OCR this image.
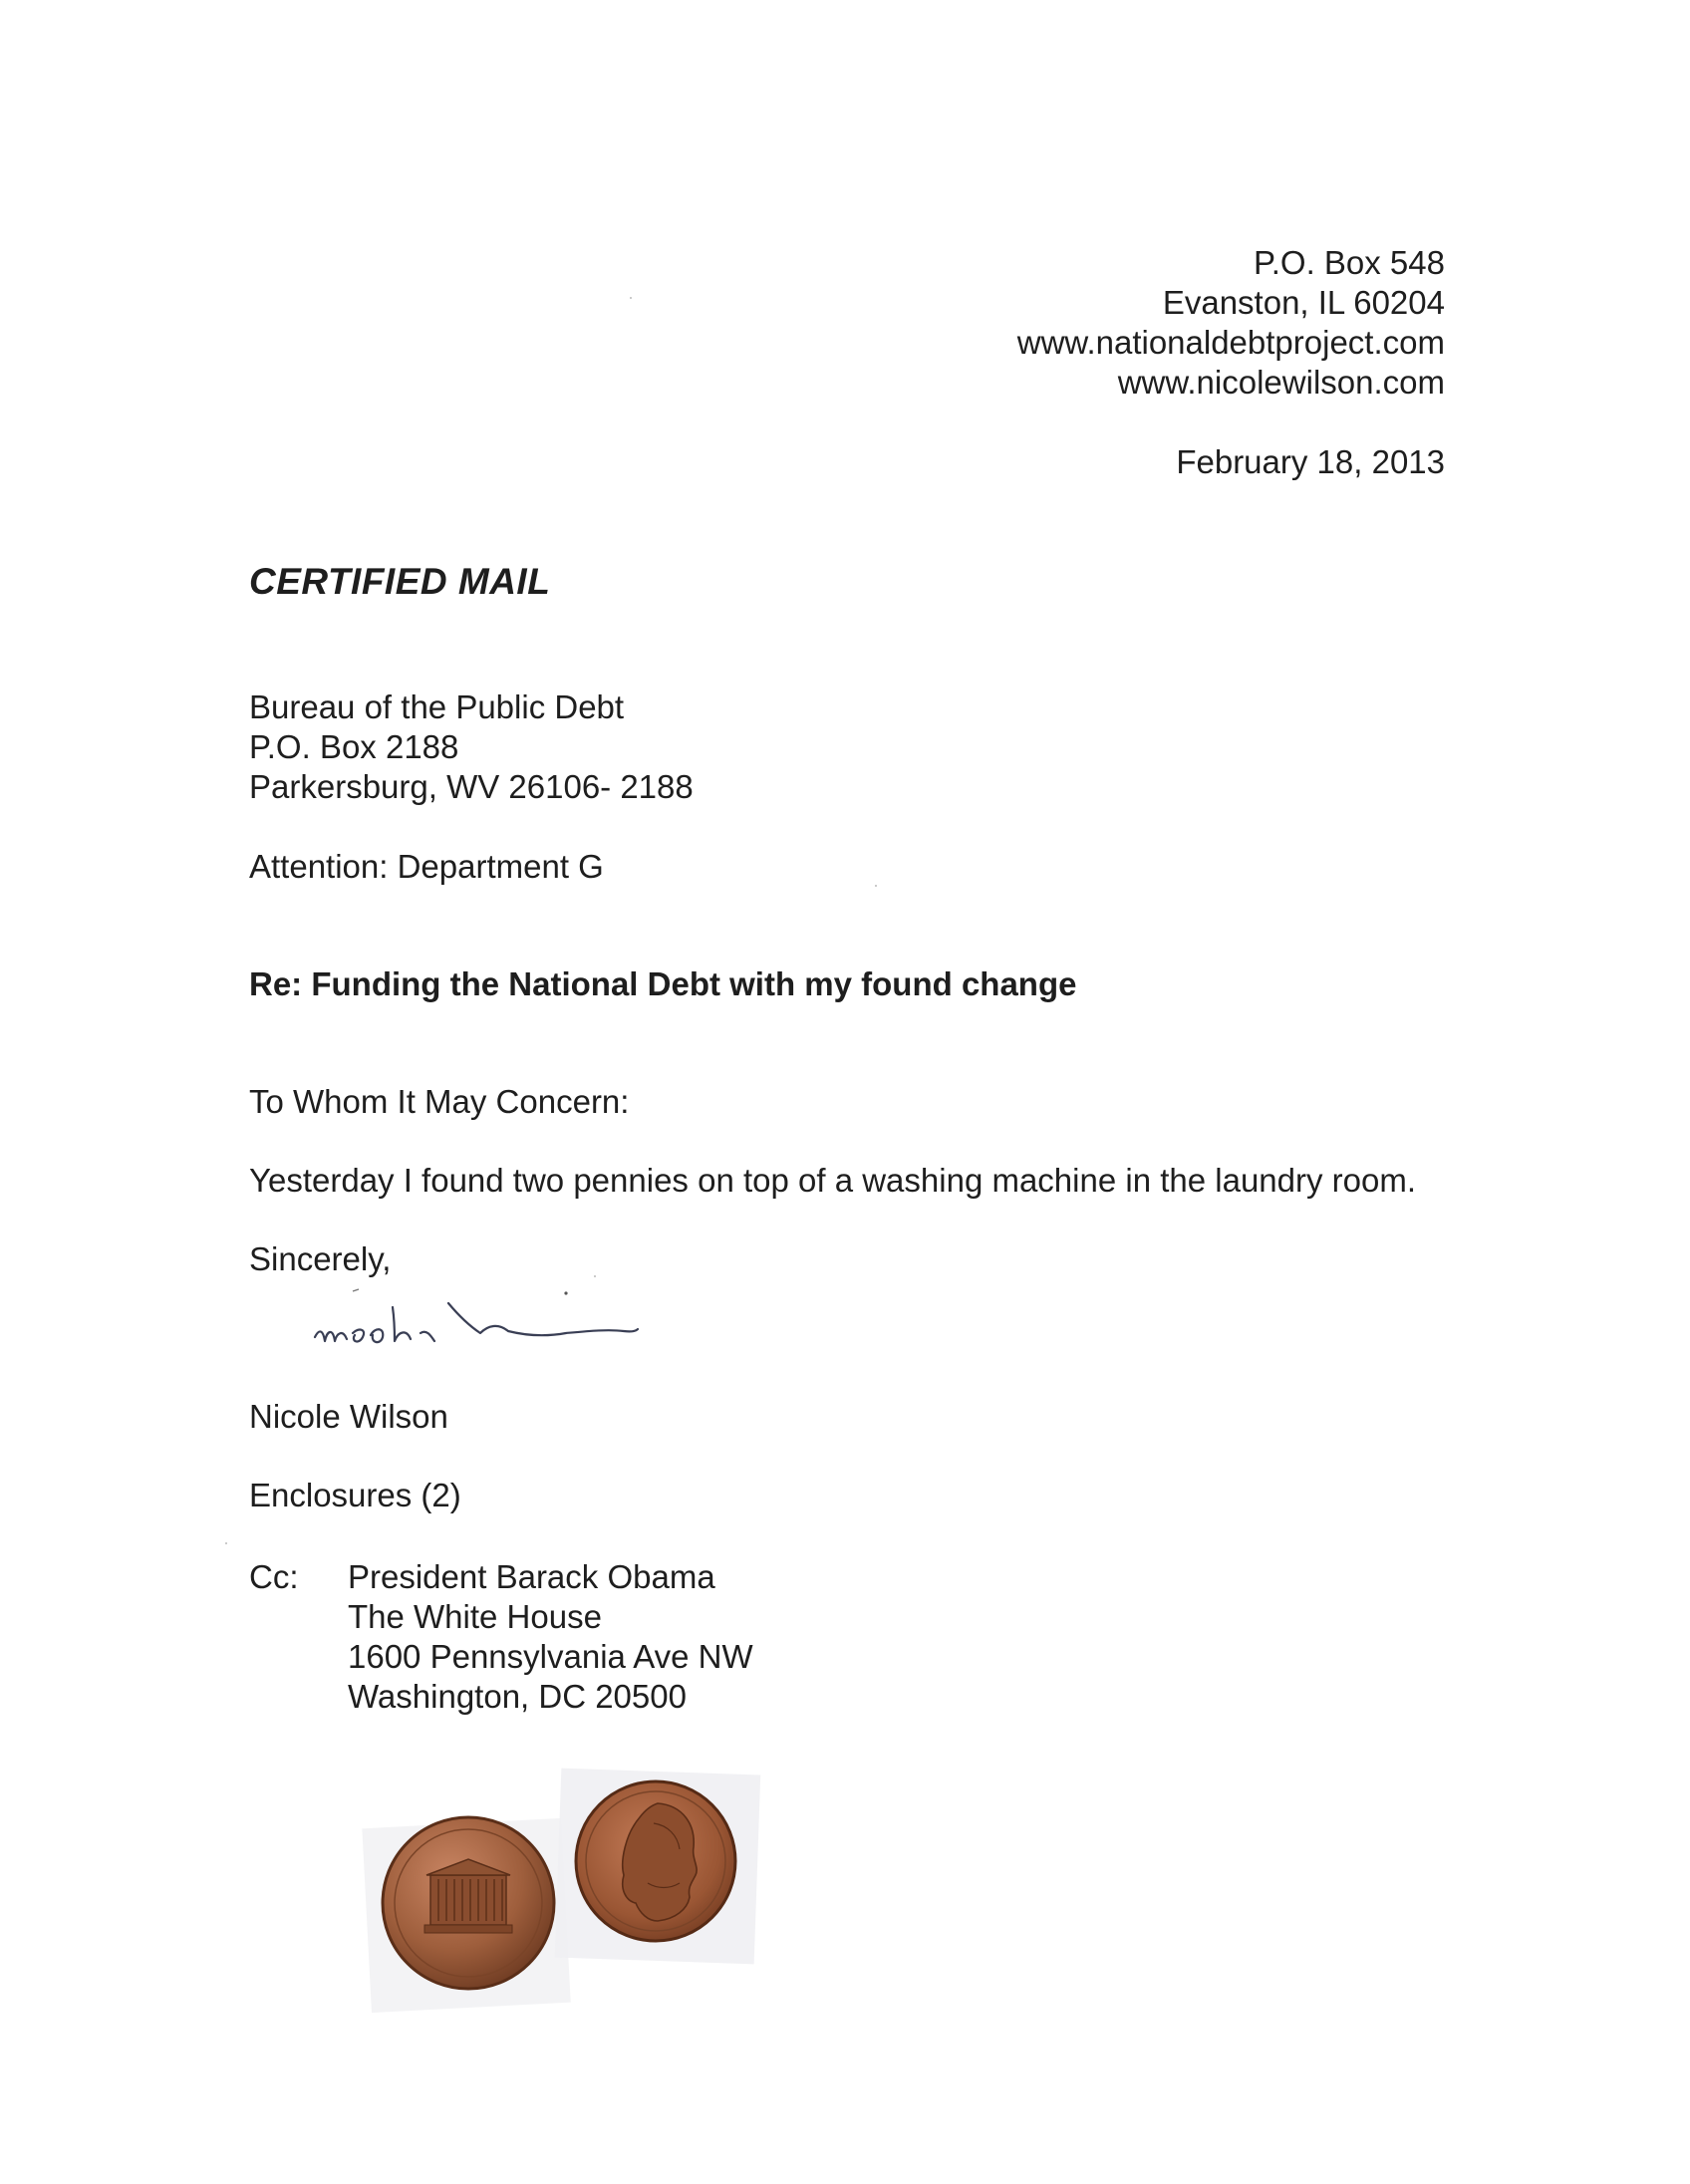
P.O. Box 548
Evanston, IL 60204
www.nationaldebtproject.com
www.nicolewilson.com
February 18, 2013
CERTIFIED MAIL
Bureau of the Public Debt
P.O. Box 2188
Parkersburg, WV 26106- 2188
Attention: Department G
Re: Funding the National Debt with my found change
To Whom It May Concern:
Yesterday I found two pennies on top of a washing machine in the laundry room.
Sincerely,
Nicole Wilson
Enclosures (2)
Cc: President Barack Obama
The White House
1600 Pennsylvania Ave NW
Washington, DC 20500
